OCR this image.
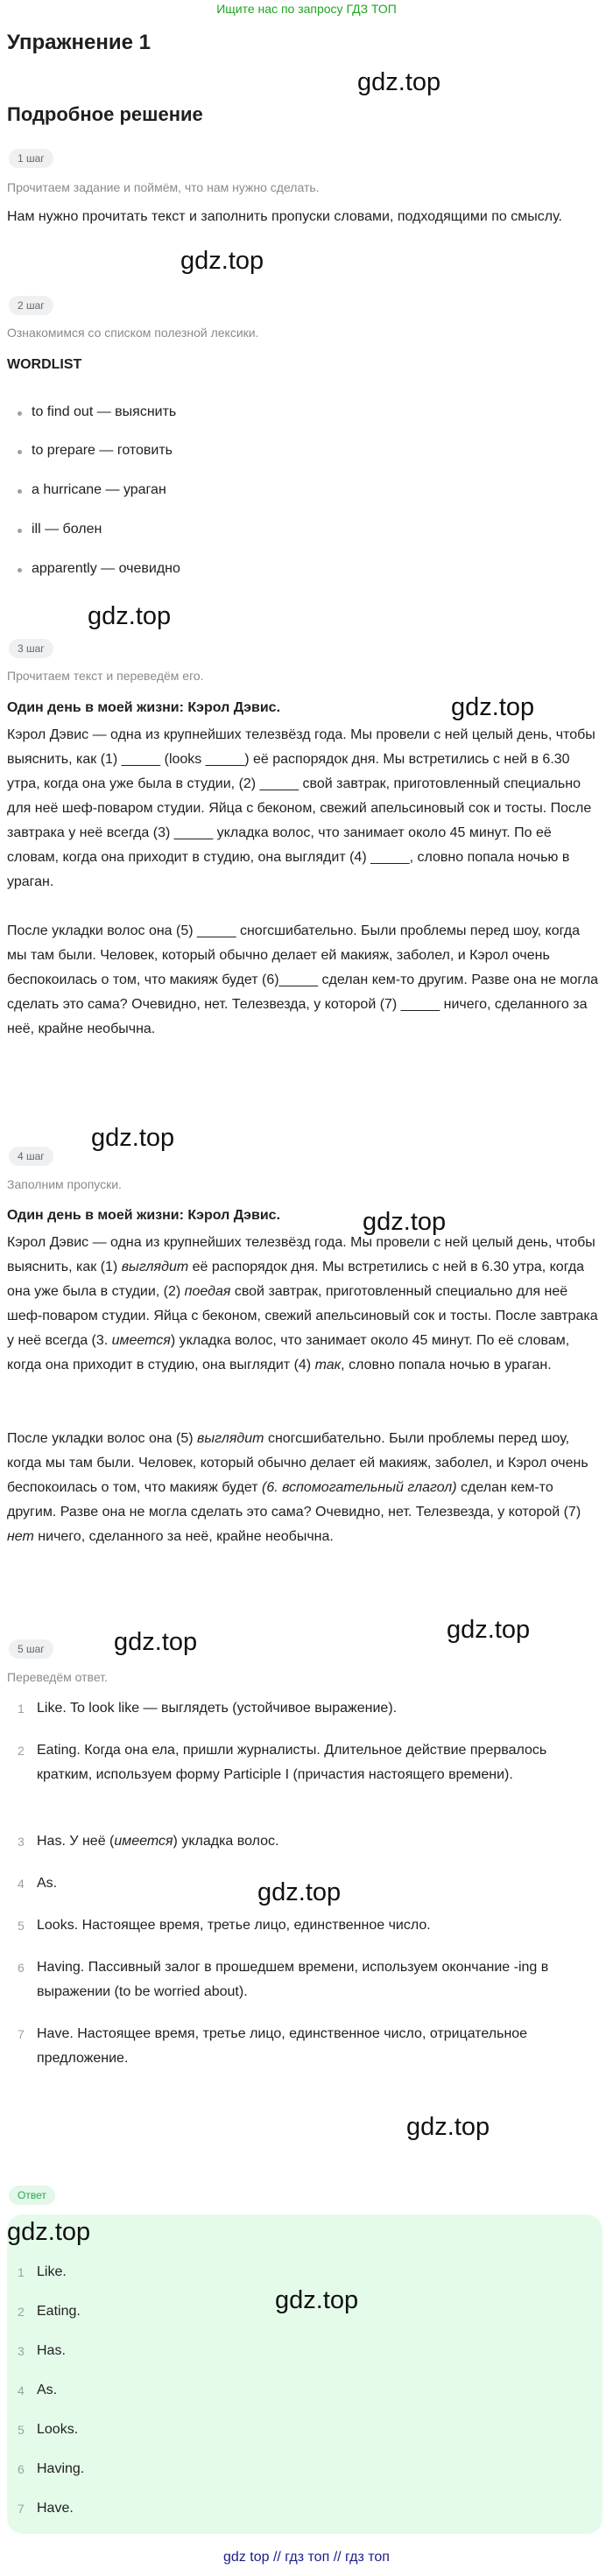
Ищите нас по запросу ГДЗ ТОП
Упражнение 1
gdz.top
Подробное решение
1 шаг
Прочитаем задание и поймём, что нам нужно сделать.
Нам нужно прочитать текст и заполнить пропуски словами, подходящими по смыслу.
gdz.top
2 шаг
Ознакомимся со списком полезной лексики.
WORDLIST
to find out — выяснить
to prepare — готовить
a hurricane — ураган
ill — болен
apparently — очевидно
gdz.top
3 шаг
Прочитаем текст и переведём его.
Один день в моей жизни: Кэрол Дэвис.	gdz.top
Кэрол Дэвис — одна из крупнейших телезвёзд года. Мы провели с ней целый день, чтобы выяснить, как (1) _____ (looks _____) её распорядок дня. Мы встретились с ней в 6.30 утра, когда она уже была в студии, (2) _____ свой завтрак, приготовленный специально для неё шеф-поваром студии. Яйца с беконом, свежий апельсиновый сок и тосты. После завтрака у неё всегда (3) _____ укладка волос, что занимает около 45 минут. По её словам, когда она приходит в студию, она выглядит (4) _____, словно попала ночью в ураган.
После укладки волос она (5) _____ сногсшибательно. Были проблемы перед шоу, когда мы там были. Человек, который обычно делает ей макияж, заболел, и Кэрол очень беспокоилась о том, что макияж будет (6)_____ сделан кем-то другим. Разве она не могла сделать это сама? Очевидно, нет. Телезвезда, у которой (7) _____ ничего, сделанного за неё, крайне необычна.
gdz.top
4 шаг
Заполним пропуски.
Один день в моей жизни: Кэрол Дэвис.	gdz.top
Кэрол Дэвис — одна из крупнейших телезвёзд года. Мы провели с ней целый день, чтобы выяснить, как (1) выглядит её распорядок дня. Мы встретились с ней в 6.30 утра, когда она уже была в студии, (2) поедая свой завтрак, приготовленный специально для неё шеф-поваром студии. Яйца с беконом, свежий апельсиновый сок и тосты. После завтрака у неё всегда (3. имеется) укладка волос, что занимает около 45 минут. По её словам, когда она приходит в студию, она выглядит (4) так, словно попала ночью в ураган.
После укладки волос она (5) выглядит сногсшибательно. Были проблемы перед шоу, когда мы там были. Человек, который обычно делает ей макияж, заболел, и Кэрол очень беспокоилась о том, что макияж будет (6. вспомогательный глагол) сделан кем-то другим. Разве она не могла сделать это сама? Очевидно, нет. Телезвезда, у которой (7) нет ничего, сделанного за неё, крайне необычна.
gdz.top
5 шаг	gdz.top
Переведём ответ.
1 Like. To look like — выглядеть (устойчивое выражение).
2 Eating. Когда она ела, пришли журналисты. Длительное действие прервалось кратким, используем форму Participle I (причастия настоящего времени).
3 Has. У неё (имеется) укладка волос.
4 As.	gdz.top
5 Looks. Настоящее время, третье лицо, единственное число.
6 Having. Пассивный залог в прошедшем времени, используем окончание -ing в выражении (to be worried about).
7 Have. Настоящее время, третье лицо, единственное число, отрицательное предложение.
gdz.top
Ответ
gdz.top
gdz.top
1 Like.
2 Eating.
3 Has.
4 As.
5 Looks.
6 Having.
7 Have.
gdz top // гдз топ // гдз топ
